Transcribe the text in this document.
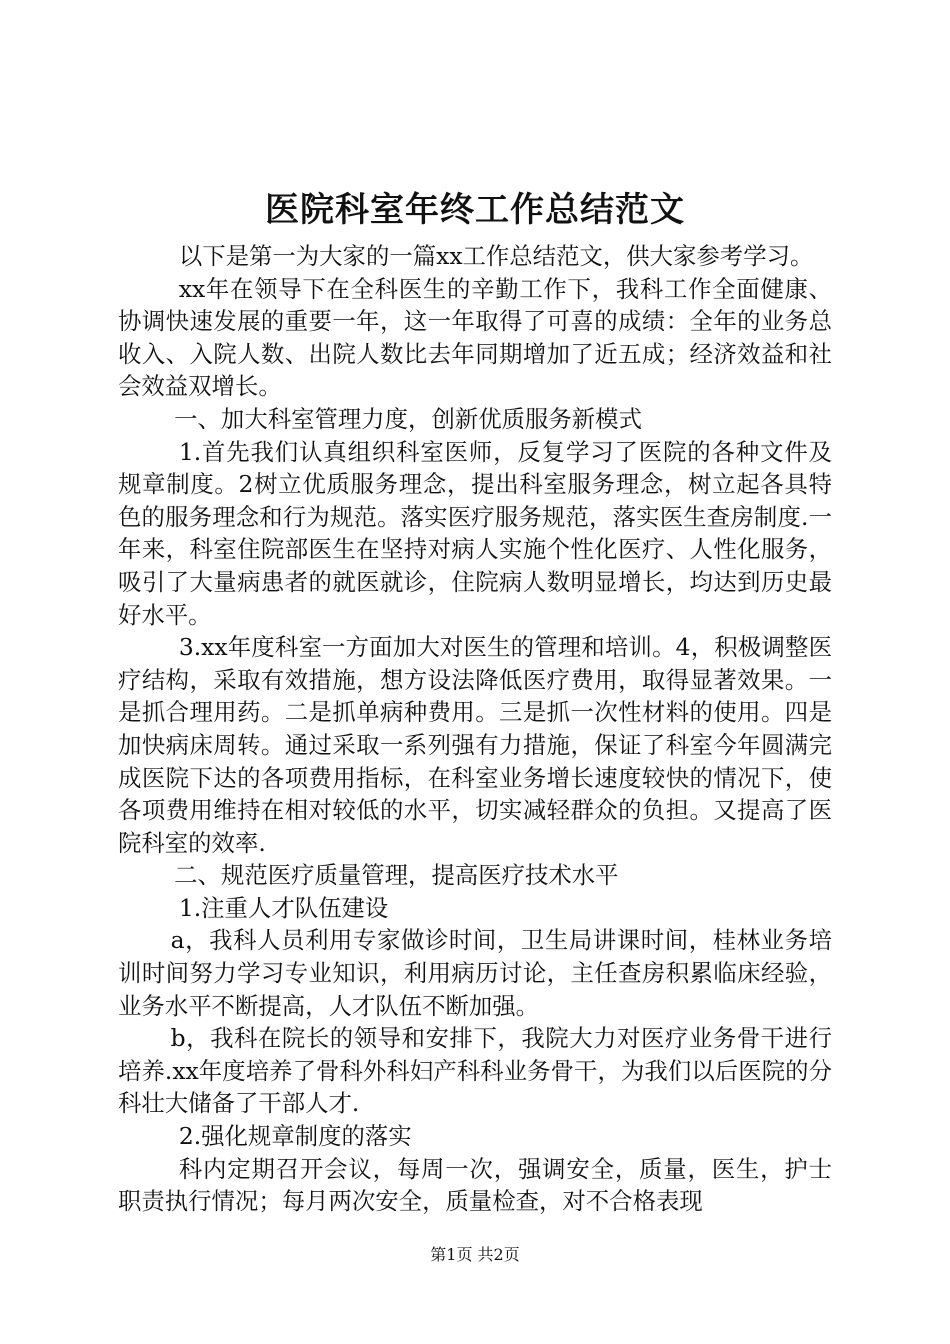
医院科室年终工作总结范文

以下是第一为大家的一篇xx工作总结范文，供大家参考学习。

xx年在领导下在全科医生的辛勤工作下，我科工作全面健康、协调快速发展的重要一年，这一年取得了可喜的成绩：全年的业务总收入、入院人数、出院人数比去年同期增加了近五成；经济效益和社会效益双增长。

一、加大科室管理力度，创新优质服务新模式

1.首先我们认真组织科室医师，反复学习了医院的各种文件及规章制度。2树立优质服务理念，提出科室服务理念，树立起各具特色的服务理念和行为规范。落实医疗服务规范，落实医生查房制度.一年来，科室住院部医生在坚持对病人实施个性化医疗、人性化服务，吸引了大量病患者的就医就诊，住院病人数明显增长，均达到历史最好水平。

3.xx年度科室一方面加大对医生的管理和培训。4，积极调整医疗结构，采取有效措施，想方设法降低医疗费用，取得显著效果。一是抓合理用药。二是抓单病种费用。三是抓一次性材料的使用。四是加快病床周转。通过采取一系列强有力措施，保证了科室今年圆满完成医院下达的各项费用指标，在科室业务增长速度较快的情况下，使各项费用维持在相对较低的水平，切实减轻群众的负担。又提高了医院科室的效率.

二、规范医疗质量管理，提高医疗技术水平

1.注重人才队伍建设

a，我科人员利用专家做诊时间，卫生局讲课时间，桂林业务培训时间努力学习专业知识，利用病历讨论，主任查房积累临床经验，业务水平不断提高，人才队伍不断加强。

b，我科在院长的领导和安排下，我院大力对医疗业务骨干进行培养.xx年度培养了骨科外科妇产科科业务骨干，为我们以后医院的分科壮大储备了干部人才.

2.强化规章制度的落实

科内定期召开会议，每周一次，强调安全，质量，医生，护士职责执行情况；每月两次安全，质量检查，对不合格表现

第1页 共2页
